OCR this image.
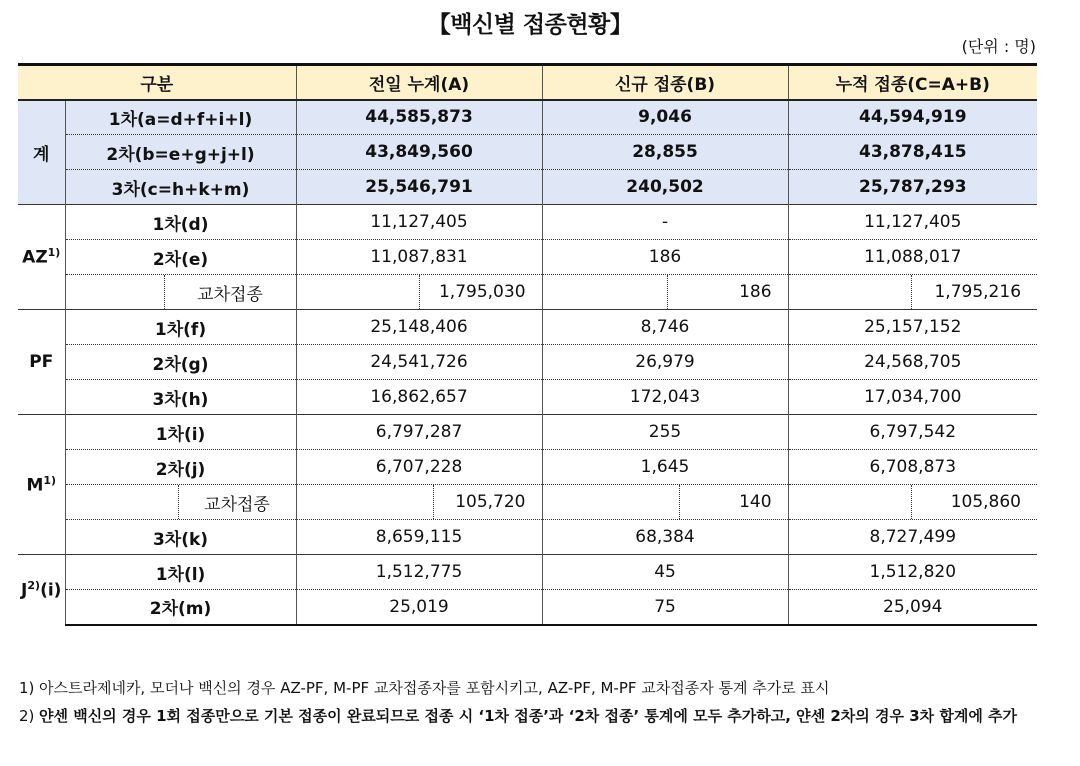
【백신별 접종현황】
(단위 : 명)
구분		전일 누계(A)	신규 접종(B)	누적 접종(C=A+B)
계	1차(a=d+f+i+l)	44,585,873	9,046	44,594,919
	2차(b=e+g+j+l)	43,849,560	28,855	43,878,415
	3차(c=h+k+m)	25,546,791	240,502	25,787,293
AZ$^{1)}$	1차(d)	11,127,405	-	11,127,405
	2차(e)	11,087,831	186	11,088,017

	교차접종	1,795,030	186	1,795,216

PF	1차(f)	25,148,406	8,746	25,157,152
	2차(g)	24,541,726	26,979	24,568,705
	3차(h)	16,862,657	172,043	17,034,700
$M^{1)}$	1차(i)	6,797,287	255	6,797,542
	2차(j)	6,707,228	1,645	6,708,873

	교차접종	105,720	140	105,860

	3차(k)	8,659,115	68,384	8,727,499
$J^{2)}(i)$	1차(l)	1,512,775	45	1,512,820
	2차(m)	25,019	75	25,094
1) 아스트라제네카, 모더나 백신의 경우 AZ-PF, M-PF 교차접종자를 포함시키고, AZ-PF, M-PF 교차접종자 통계 추가로 표시
2) 얀센 백신의 경우 1회 접종만으로 기본 접종이 완료되므로 접종 시 ‘1차 접종’과 ‘2차 접종’ 통계에 모두 추가하고, 얀센 2차의 경우 3차 합계에 추가
